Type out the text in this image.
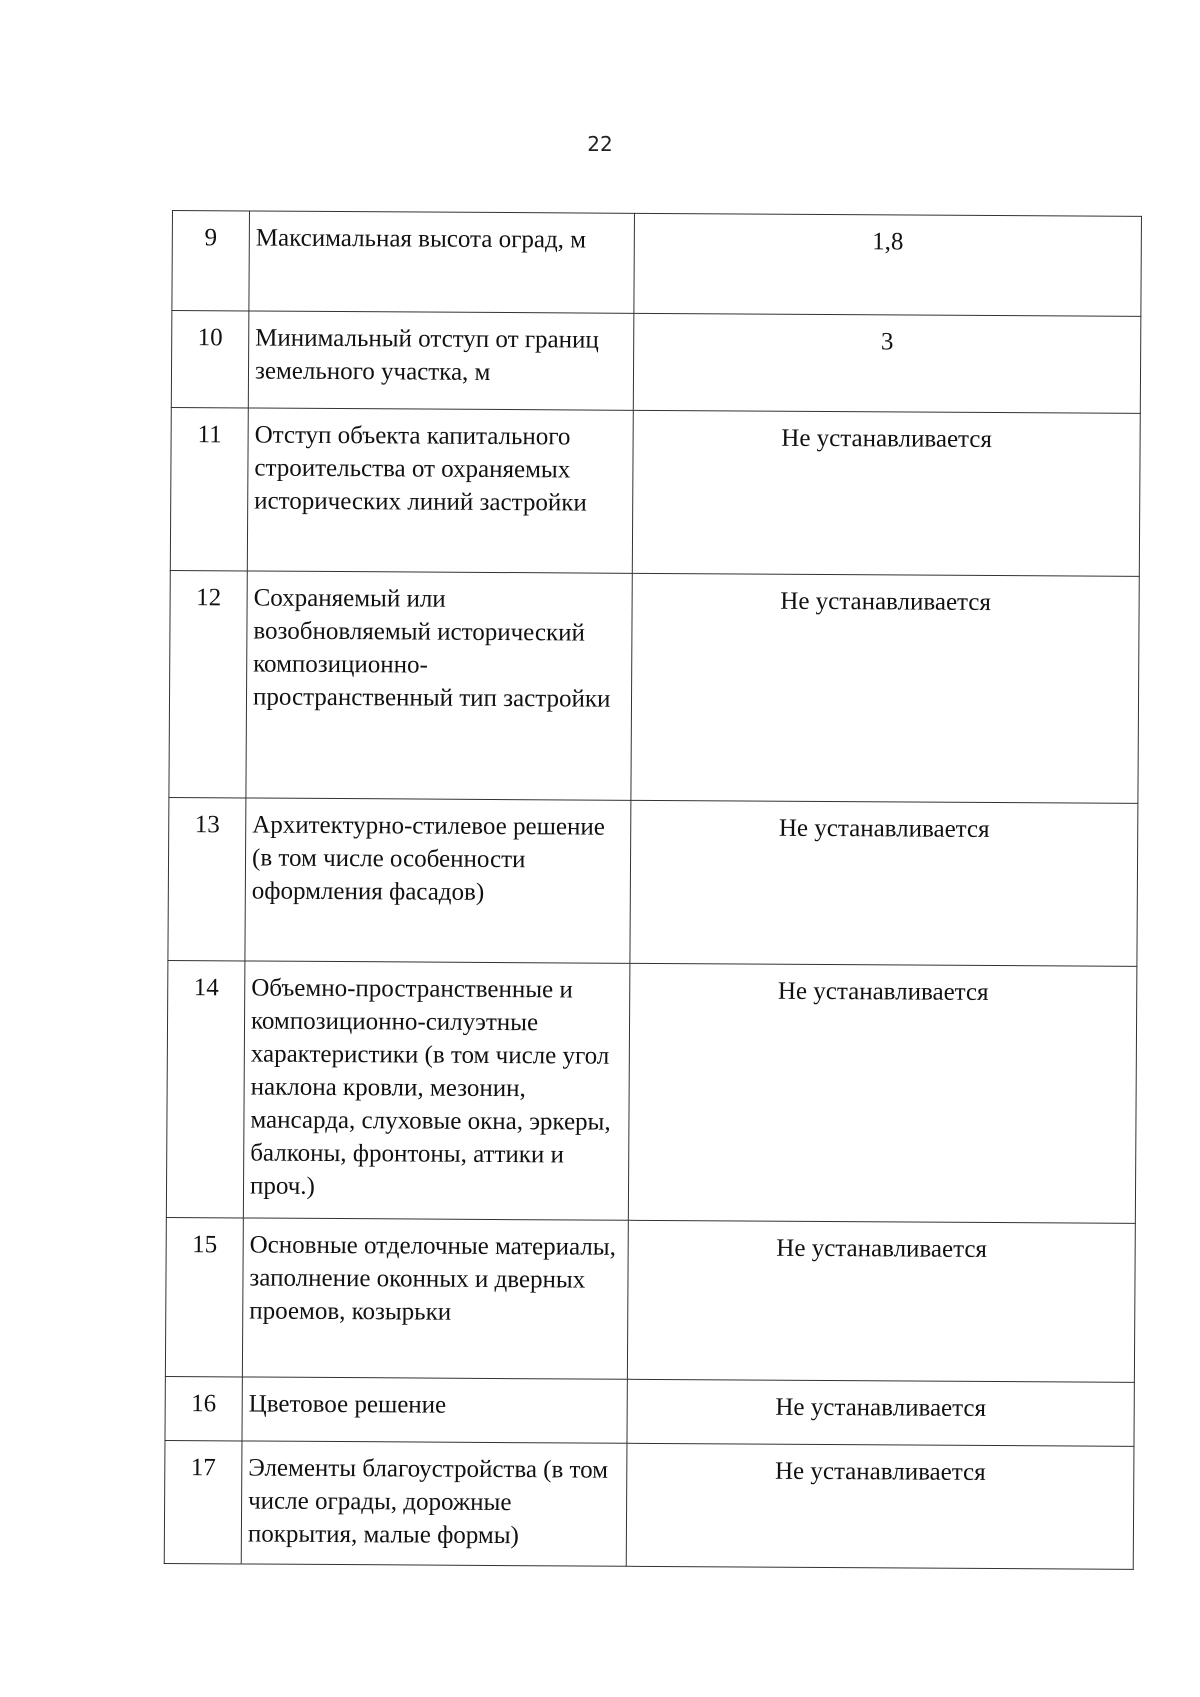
22
9	Максимальная высота оград, м	1,8
10	Минимальный отступ от границ земельного участка, м	3
11	Отступ объекта капитального строительства от охраняемых исторических линий застройки	Не устанавливается
12	Сохраняемый или возобновляемый исторический композиционно-пространственный тип застройки	Не устанавливается
13	Архитектурно-стилевое решение (в том числе особенности оформления фасадов)	Не устанавливается
14	Объемно-пространственные и композиционно-силуэтные характеристики (в том числе угол наклона кровли, мезонин, мансарда, слуховые окна, эркеры, балконы, фронтоны, аттики и проч.)	Не устанавливается
15	Основные отделочные материалы, заполнение оконных и дверных проемов, козырьки	Не устанавливается
16	Цветовое решение	Не устанавливается
17	Элементы благоустройства (в том числе ограды, дорожные покрытия, малые формы)	Не устанавливается
